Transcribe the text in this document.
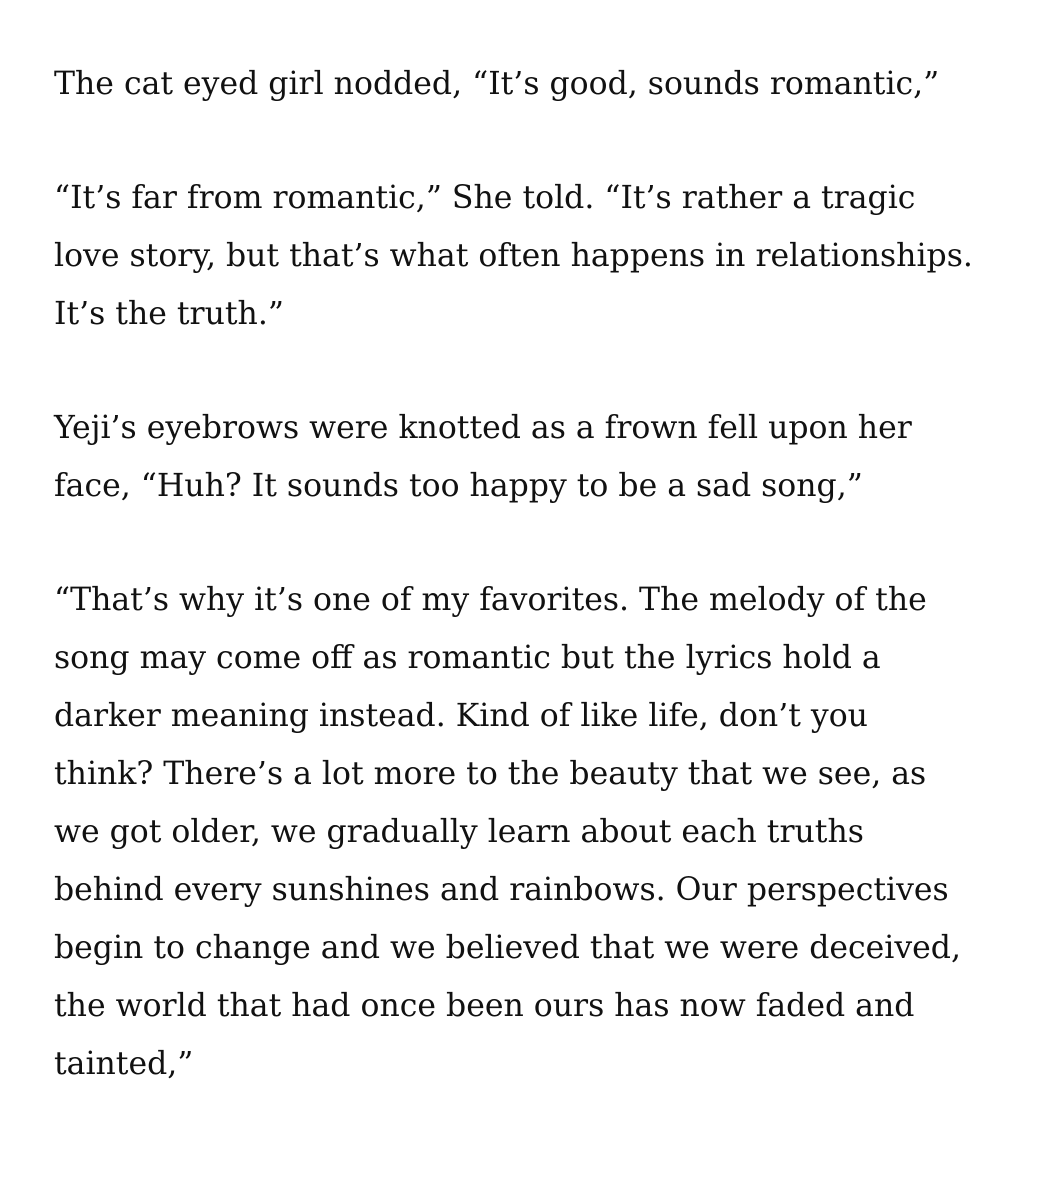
The cat eyed girl nodded, “It’s good, sounds romantic,”
“It’s far from romantic,” She told. “It’s rather a tragic
love story, but that’s what often happens in relationships.
It’s the truth.”
Yeji’s eyebrows were knotted as a frown fell upon her
face, “Huh? It sounds too happy to be a sad song,”
“That’s why it’s one of my favorites. The melody of the
song may come off as romantic but the lyrics hold a
darker meaning instead. Kind of like life, don’t you
think? There’s a lot more to the beauty that we see, as
we got older, we gradually learn about each truths
behind every sunshines and rainbows. Our perspectives
begin to change and we believed that we were deceived,
the world that had once been ours has now faded and
tainted,”
